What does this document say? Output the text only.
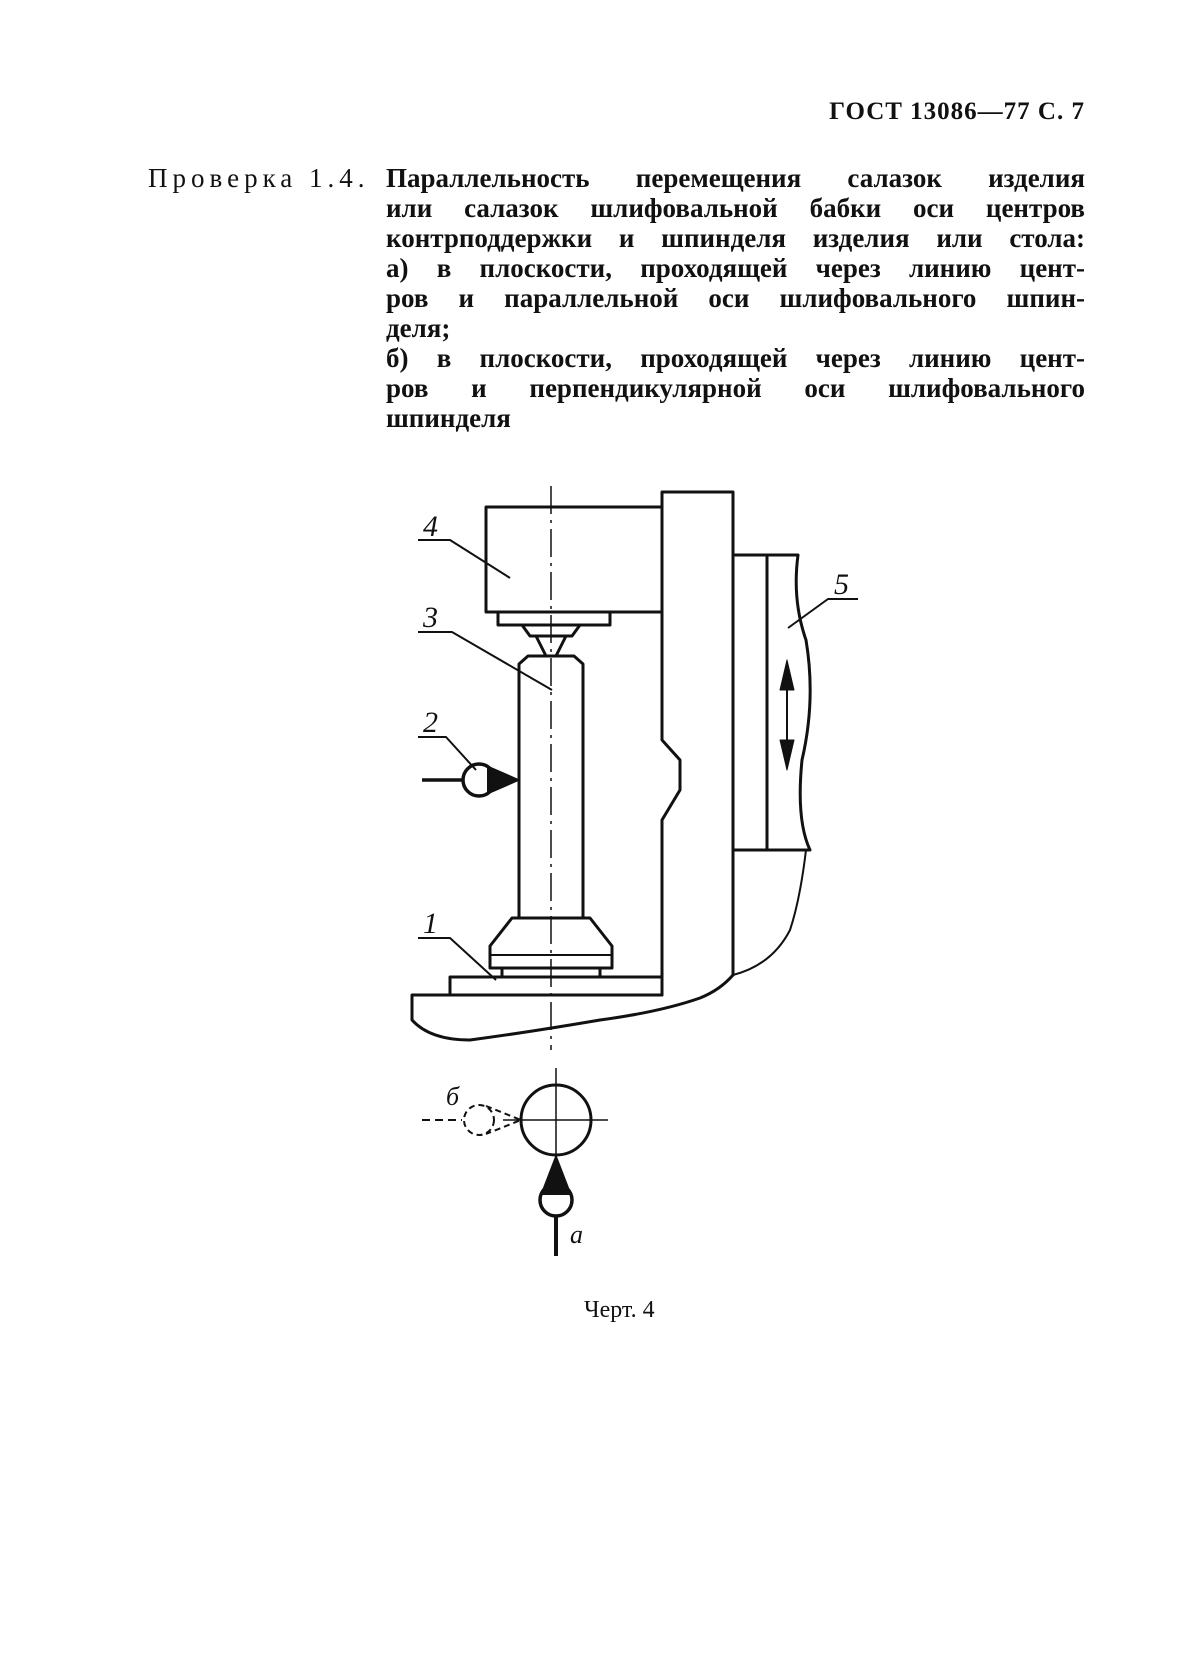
ГОСТ 13086—77 С. 7
Проверка 1.4. Параллельность перемещения салазок изделия
или салазок шлифовальной бабки оси центров
контрподдержки и шпинделя изделия или стола:
а) в плоскости, проходящей через линию цент-
ров и параллельной оси шлифовального шпин-
деля;
б) в плоскости, проходящей через линию цент-
ров и перпендикулярной оси шлифовального
шпинделя
4
3
2
1
5
б
а
Черт. 4
